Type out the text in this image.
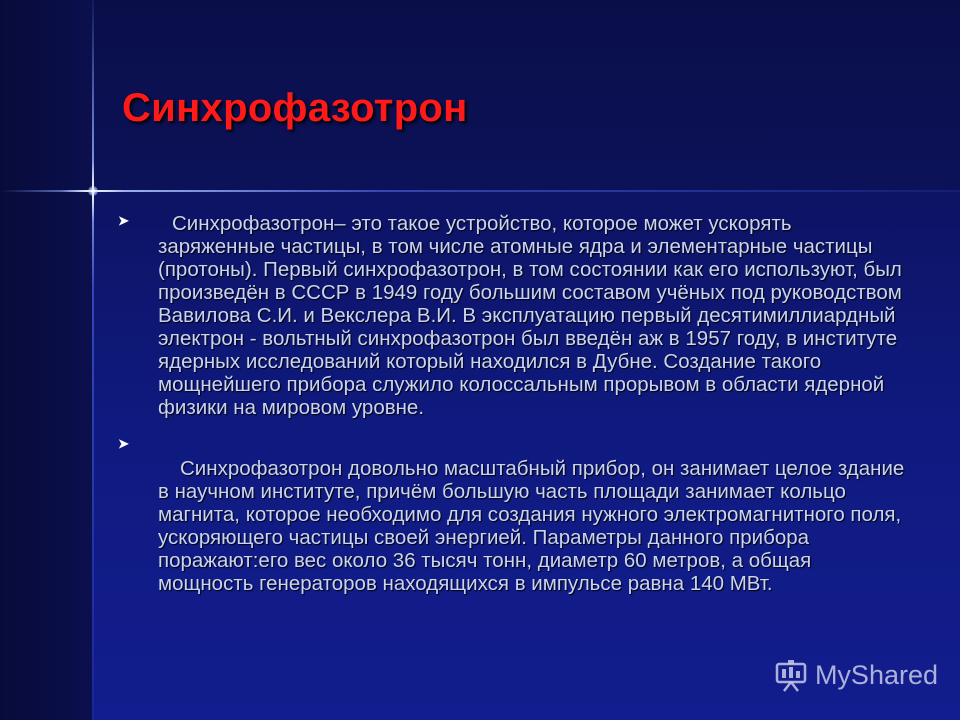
Синхрофазотрон
➤	Синхрофазотрон– это такое устройство, которое может ускорять заряженные частицы, в том числе атомные ядра и элементарные частицы (протоны). Первый синхрофазотрон, в том состоянии как его используют, был произведён в СССР в 1949 году большим составом учёных под руководством Вавилова С.И. и Векслера В.И. В эксплуатацию первый десятимиллиардный электрон - вольтный синхрофазотрон был введён аж в 1957 году, в институте ядерных исследований который находился в Дубне. Создание такого мощнейшего прибора служило колоссальным прорывом в области ядерной физики на мировом уровне.
➤
Синхрофазотрон довольно масштабный прибор, он занимает целое здание в научном институте, причём большую часть площади занимает кольцо магнита, которое необходимо для создания нужного электромагнитного поля, ускоряющего частицы своей энергией. Параметры данного прибора поражают:его вес около 36 тысяч тонн, диаметр 60 метров, а общая мощность генераторов находящихся в импульсе равна 140 МВт.
MyShared
